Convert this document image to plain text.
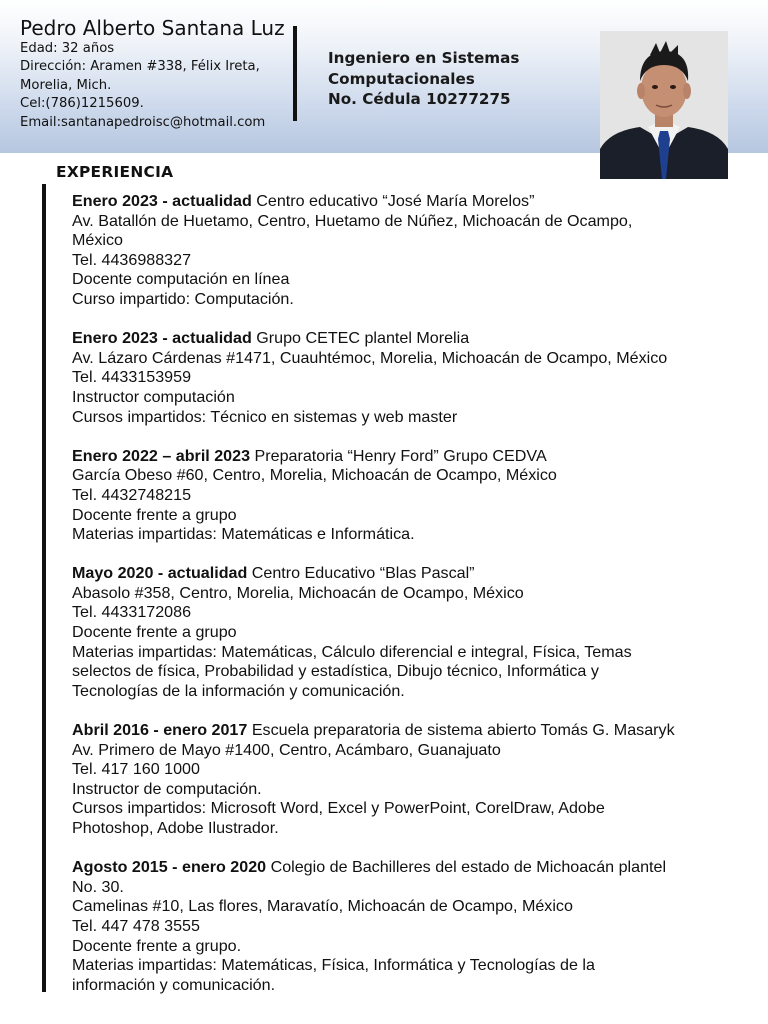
Pedro Alberto Santana Luz
Edad: 32 años
Dirección: Aramen #338, Félix Ireta,
Morelia, Mich.
Cel:(786)1215609.
Email:santanapedroisc@hotmail.com
Ingeniero en Sistemas
Computacionales
No. Cédula 10277275
EXPERIENCIA
Enero 2023 - actualidad Centro educativo “José María Morelos”
Av. Batallón de Huetamo, Centro, Huetamo de Núñez, Michoacán de Ocampo,
México
Tel. 4436988327
Docente computación en línea
Curso impartido: Computación.
Enero 2023 - actualidad Grupo CETEC plantel Morelia
Av. Lázaro Cárdenas #1471, Cuauhtémoc, Morelia, Michoacán de Ocampo, México
Tel. 4433153959
Instructor computación
Cursos impartidos: Técnico en sistemas y web master
Enero 2022 – abril 2023 Preparatoria “Henry Ford” Grupo CEDVA
García Obeso #60, Centro, Morelia, Michoacán de Ocampo, México
Tel. 4432748215
Docente frente a grupo
Materias impartidas: Matemáticas e Informática.
Mayo 2020 - actualidad Centro Educativo “Blas Pascal”
Abasolo #358, Centro, Morelia, Michoacán de Ocampo, México
Tel. 4433172086
Docente frente a grupo
Materias impartidas: Matemáticas, Cálculo diferencial e integral, Física, Temas
selectos de física, Probabilidad y estadística, Dibujo técnico, Informática y
Tecnologías de la información y comunicación.
Abril 2016 - enero 2017 Escuela preparatoria de sistema abierto Tomás G. Masaryk
Av. Primero de Mayo #1400, Centro, Acámbaro, Guanajuato
Tel. 417 160 1000
Instructor de computación.
Cursos impartidos: Microsoft Word, Excel y PowerPoint, CorelDraw, Adobe
Photoshop, Adobe Ilustrador.
Agosto 2015 - enero 2020 Colegio de Bachilleres del estado de Michoacán plantel
No. 30.
Camelinas #10, Las flores, Maravatío, Michoacán de Ocampo, México
Tel. 447 478 3555
Docente frente a grupo.
Materias impartidas: Matemáticas, Física, Informática y Tecnologías de la
información y comunicación.
